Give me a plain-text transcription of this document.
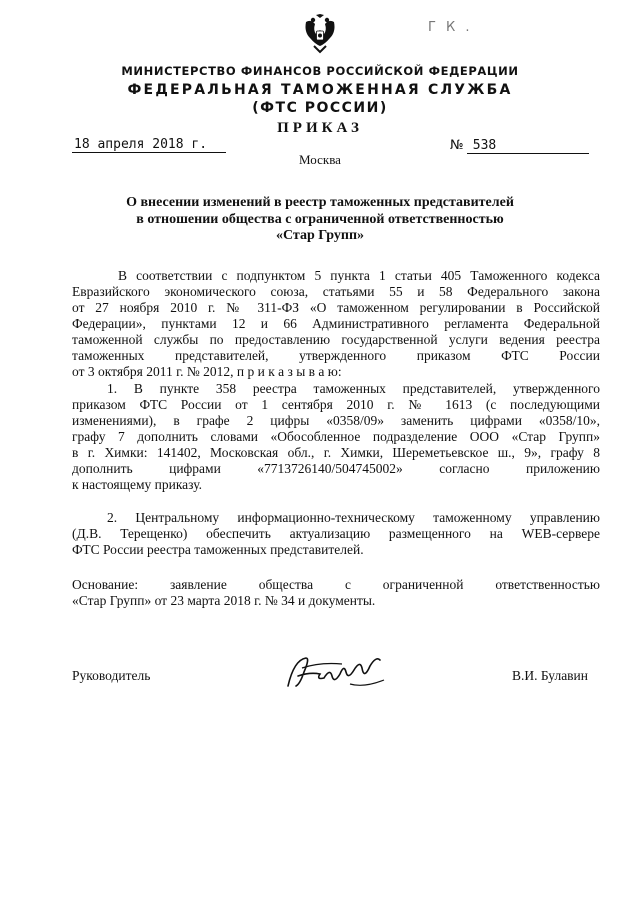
Г К .
МИНИСТЕРСТВО ФИНАНСОВ РОССИЙСКОЙ ФЕДЕРАЦИИ
ФЕДЕРАЛЬНАЯ ТАМОЖЕННАЯ СЛУЖБА
(ФТС РОССИИ)
ПРИКАЗ
18 апреля 2018 г.	№ 538
Москва
О внесении изменений в реестр таможенных представителей
в отношении общества с ограниченной ответственностью
«Стар Групп»
В соответствии с подпунктом 5 пункта 1 статьи 405 Таможенного кодекса
Евразийского экономического союза, статьями 55 и 58 Федерального закона
от 27 ноября 2010 г. № 311-ФЗ «О таможенном регулировании в Российской
Федерации», пунктами 12 и 66 Административного регламента Федеральной
таможенной службы по предоставлению государственной услуги ведения реестра
таможенных представителей, утвержденного приказом ФТС России
от 3 октября 2011 г. № 2012, п р и к а з ы в а ю:
1. В пункте 358 реестра таможенных представителей, утвержденного
приказом ФТС России от 1 сентября 2010 г. № 1613 (с последующими
изменениями), в графе 2 цифры «0358/09» заменить цифрами «0358/10»,
графу 7 дополнить словами «Обособленное подразделение ООО «Стар Групп»
в г. Химки: 141402, Московская обл., г. Химки, Шереметьевское ш., 9», графу 8
дополнить цифрами «7713726140/504745002» согласно приложению
к настоящему приказу.
2. Центральному информационно-техническому таможенному управлению
(Д.В. Терещенко) обеспечить актуализацию размещенного на WEB-сервере
ФТС России реестра таможенных представителей.
Основание: заявление общества с ограниченной ответственностью
«Стар Групп» от 23 марта 2018 г. № 34 и документы.
Руководитель	В.И. Булавин
